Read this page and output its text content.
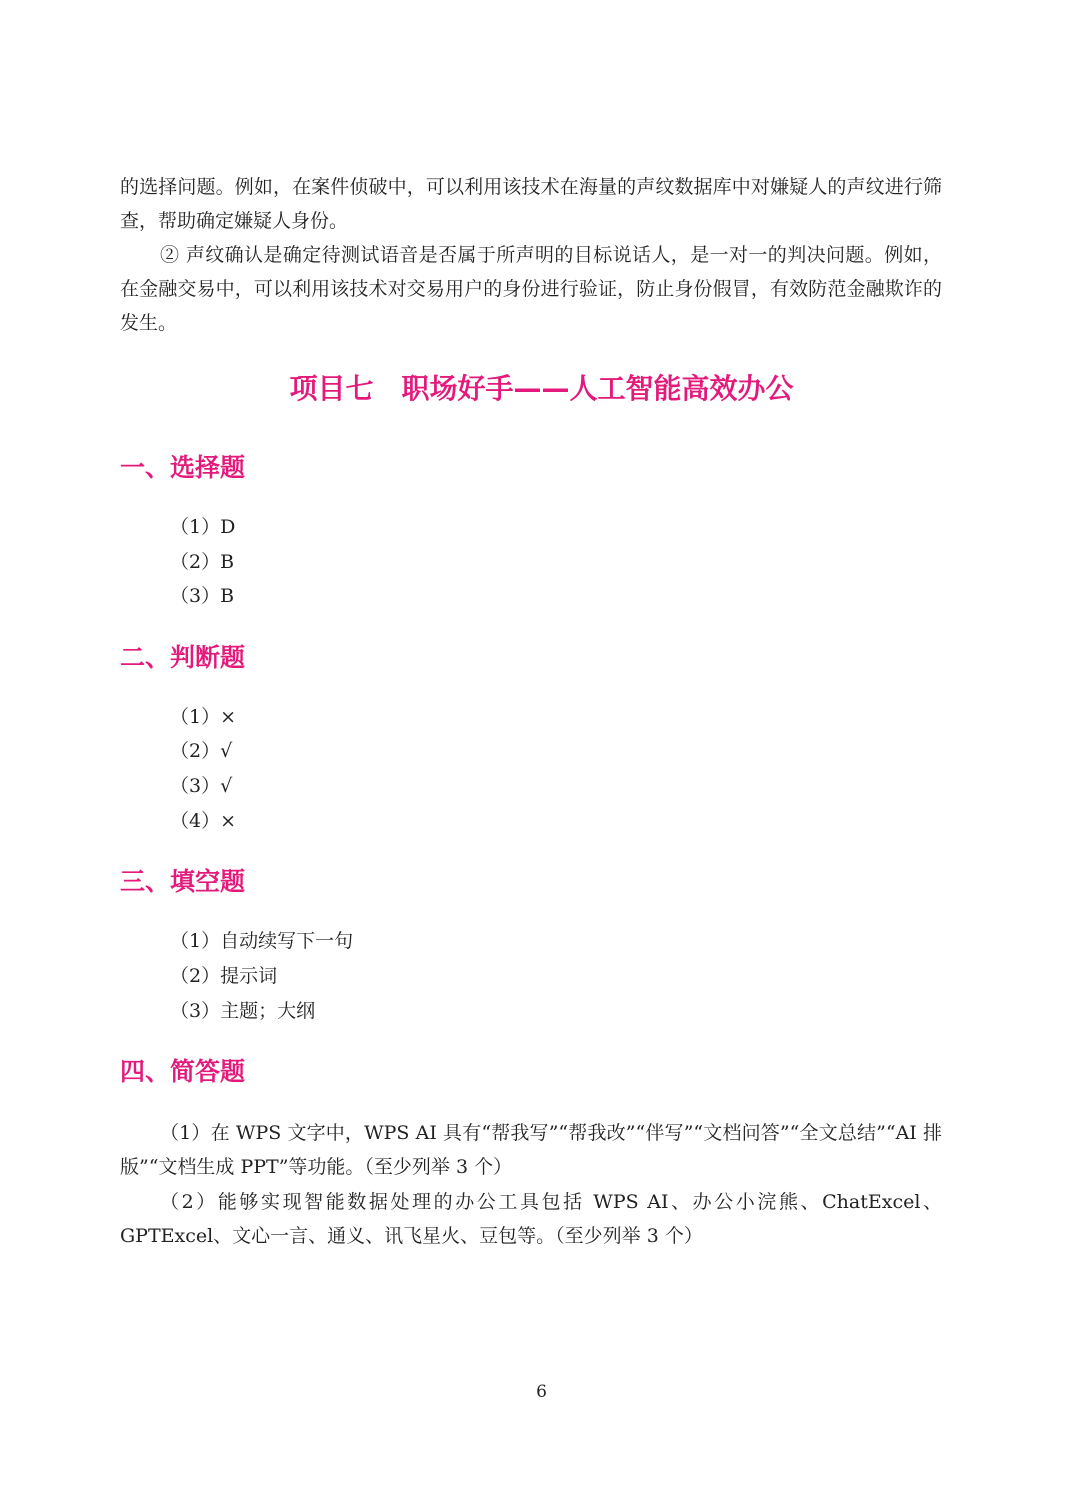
的选择问题。例如，在案件侦破中，可以利用该技术在海量的声纹数据库中对嫌疑人的声纹进行筛查，帮助确定嫌疑人身份。

② 声纹确认是确定待测试语音是否属于所声明的目标说话人，是一对一的判决问题。例如，在金融交易中，可以利用该技术对交易用户的身份进行验证，防止身份假冒，有效防范金融欺诈的发生。

项目七　职场好手——人工智能高效办公
一、选择题

（1）D

（2）B

（3）B

二、判断题

（1）×

（2）√

（3）√

（4）×

三、填空题

（1）自动续写下一句

（2）提示词

（3）主题；大纲

四、简答题

（1）在 WPS 文字中，WPS AI 具有“帮我写”“帮我改”“伴写”“文档问答”“全文总结”“AI 排版”“文档生成 PPT”等功能。（至少列举 3 个）

（2）能够实现智能数据处理的办公工具包括 WPS AI、办公小浣熊、ChatExcel、GPTExcel、文心一言、通义、讯飞星火、豆包等。（至少列举 3 个）

6
